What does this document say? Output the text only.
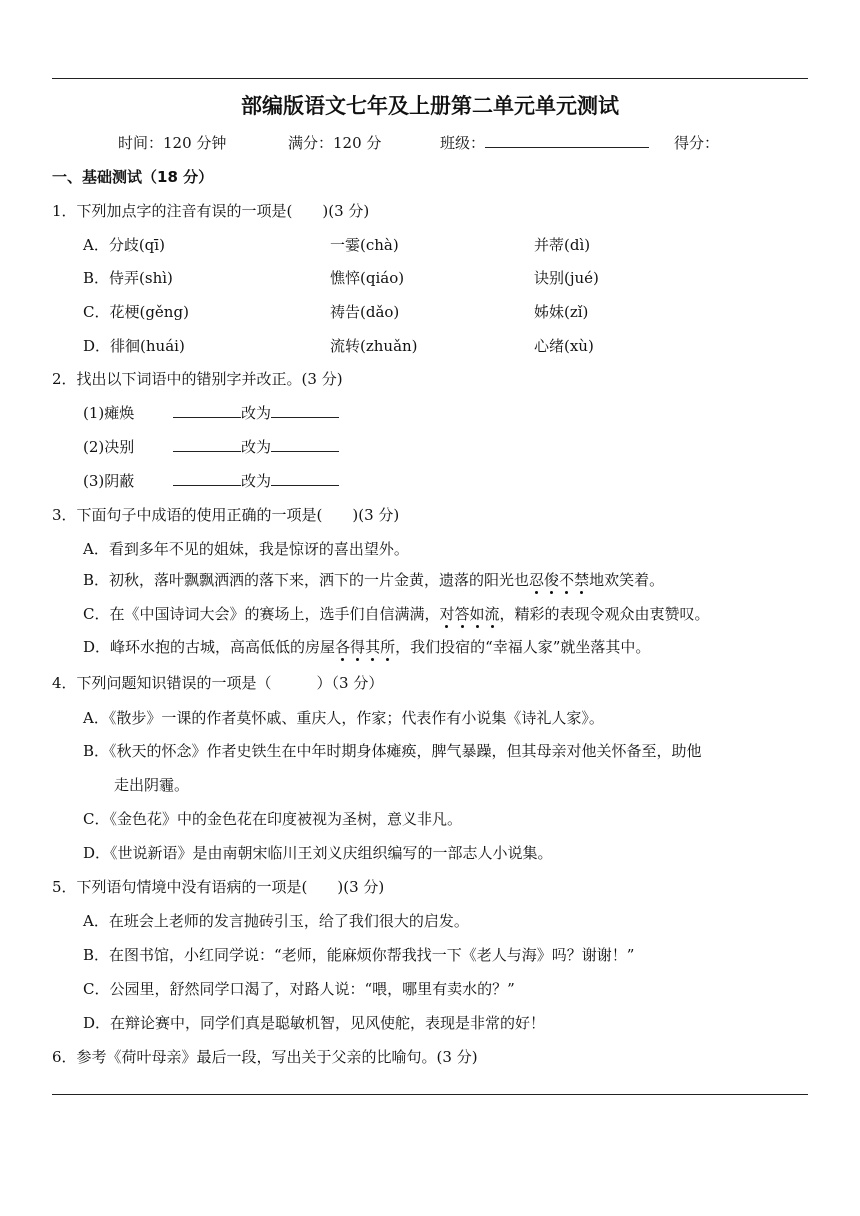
部编版语文七年及上册第二单元单元测试
时间：120 分钟	满分：120 分	班级：	得分：
一、基础测试（18 分）
1．下列加点字的注音有误的一项是(　　)(3 分)
A．分歧(qī)	一霎(chà)	并蒂(dì)
B．侍弄(shì)	憔悴(qiáo)	诀别(jué)
C．花梗(gěng)	祷告(dǎo)	姊妹(zǐ)
D．徘徊(huái)	流转(zhuǎn)	心绪(xù)
2．找出以下词语中的错别字并改正。(3 分)
(1)瘫焕	改为
(2)决别	改为
(3)阴蔽	改为
3．下面句子中成语的使用正确的一项是(　　)(3 分)
A．看到多年不见的姐妹，我是惊讶的喜出望外。
B．初秋，落叶飘飘洒洒的落下来，洒下的一片金黄，遗落的阳光也忍俊不禁地欢笑着。
C．在《中国诗词大会》的赛场上，选手们自信满满，对答如流，精彩的表现令观众由衷赞叹。
D．峰环水抱的古城，高高低低的房屋各得其所，我们投宿的“幸福人家”就坐落其中。
4．下列问题知识错误的一项是（　　　）（3 分）
A．《散步》一课的作者莫怀戚、重庆人，作家；代表作有小说集《诗礼人家》。
B．《秋天的怀念》作者史铁生在中年时期身体瘫痪，脾气暴躁，但其母亲对他关怀备至，助他
走出阴霾。
C．《金色花》中的金色花在印度被视为圣树，意义非凡。
D．《世说新语》是由南朝宋临川王刘义庆组织编写的一部志人小说集。
5．下列语句情境中没有语病的一项是(　　)(3 分)
A．在班会上老师的发言抛砖引玉，给了我们很大的启发。
B．在图书馆，小红同学说：“老师，能麻烦你帮我找一下《老人与海》吗？谢谢！”
C．公园里，舒然同学口渴了，对路人说：“喂，哪里有卖水的？”
D．在辩论赛中，同学们真是聪敏机智，见风使舵，表现是非常的好！
6．参考《荷叶母亲》最后一段，写出关于父亲的比喻句。(3 分)
